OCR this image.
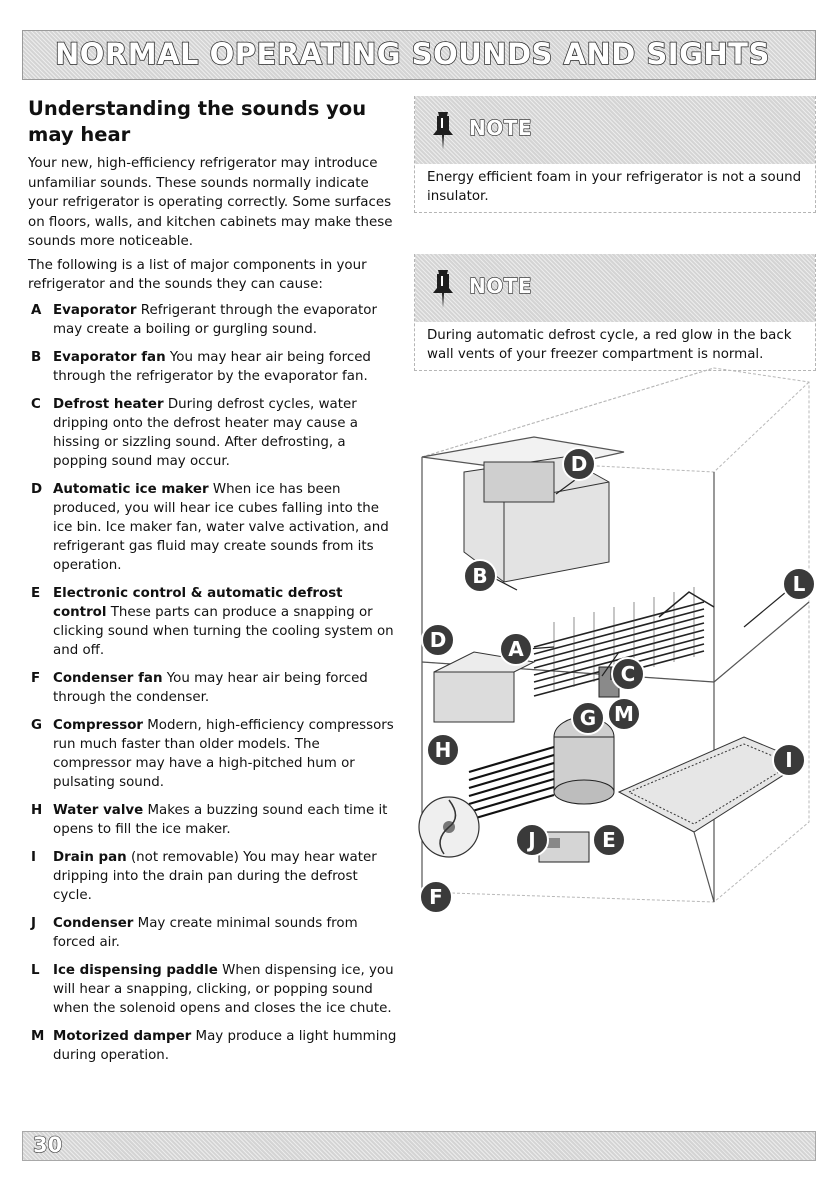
NORMAL OPERATING SOUNDS AND SIGHTS
Understanding the sounds you may hear

Your new, high-efficiency refrigerator may introduce unfamiliar sounds. These sounds normally indicate your refrigerator is operating correctly. Some surfaces on floors, walls, and kitchen cabinets may make these sounds more noticeable.

The following is a list of major components in your refrigerator and the sounds they can cause:

A Evaporator Refrigerant through the evaporator may create a boiling or gurgling sound.
B Evaporator fan You may hear air being forced through the refrigerator by the evaporator fan.
C Defrost heater During defrost cycles, water dripping onto the defrost heater may cause a hissing or sizzling sound. After defrosting, a popping sound may occur.
D Automatic ice maker When ice has been produced, you will hear ice cubes falling into the ice bin. Ice maker fan, water valve activation, and refrigerant gas fluid may create sounds from its operation.
E Electronic control & automatic defrost control These parts can produce a snapping or clicking sound when turning the cooling system on and off.
F Condenser fan You may hear air being forced through the condenser.
G Compressor Modern, high-efficiency compressors run much faster than older models. The compressor may have a high-pitched hum or pulsating sound.
H Water valve Makes a buzzing sound each time it opens to fill the ice maker.
I Drain pan (not removable) You may hear water dripping into the drain pan during the defrost cycle.
J Condenser May create minimal sounds from forced air.
L Ice dispensing paddle When dispensing ice, you will hear a snapping, clicking, or popping sound when the solenoid opens and closes the ice chute.
M Motorized damper May produce a light humming during operation.
NOTE
Energy efficient foam in your refrigerator is not a sound insulator.
NOTE
During automatic defrost cycle, a red glow in the back wall vents of your freezer compartment is normal.
D
B	L
D	A
C
M
G
H	I
J	E
F
30
